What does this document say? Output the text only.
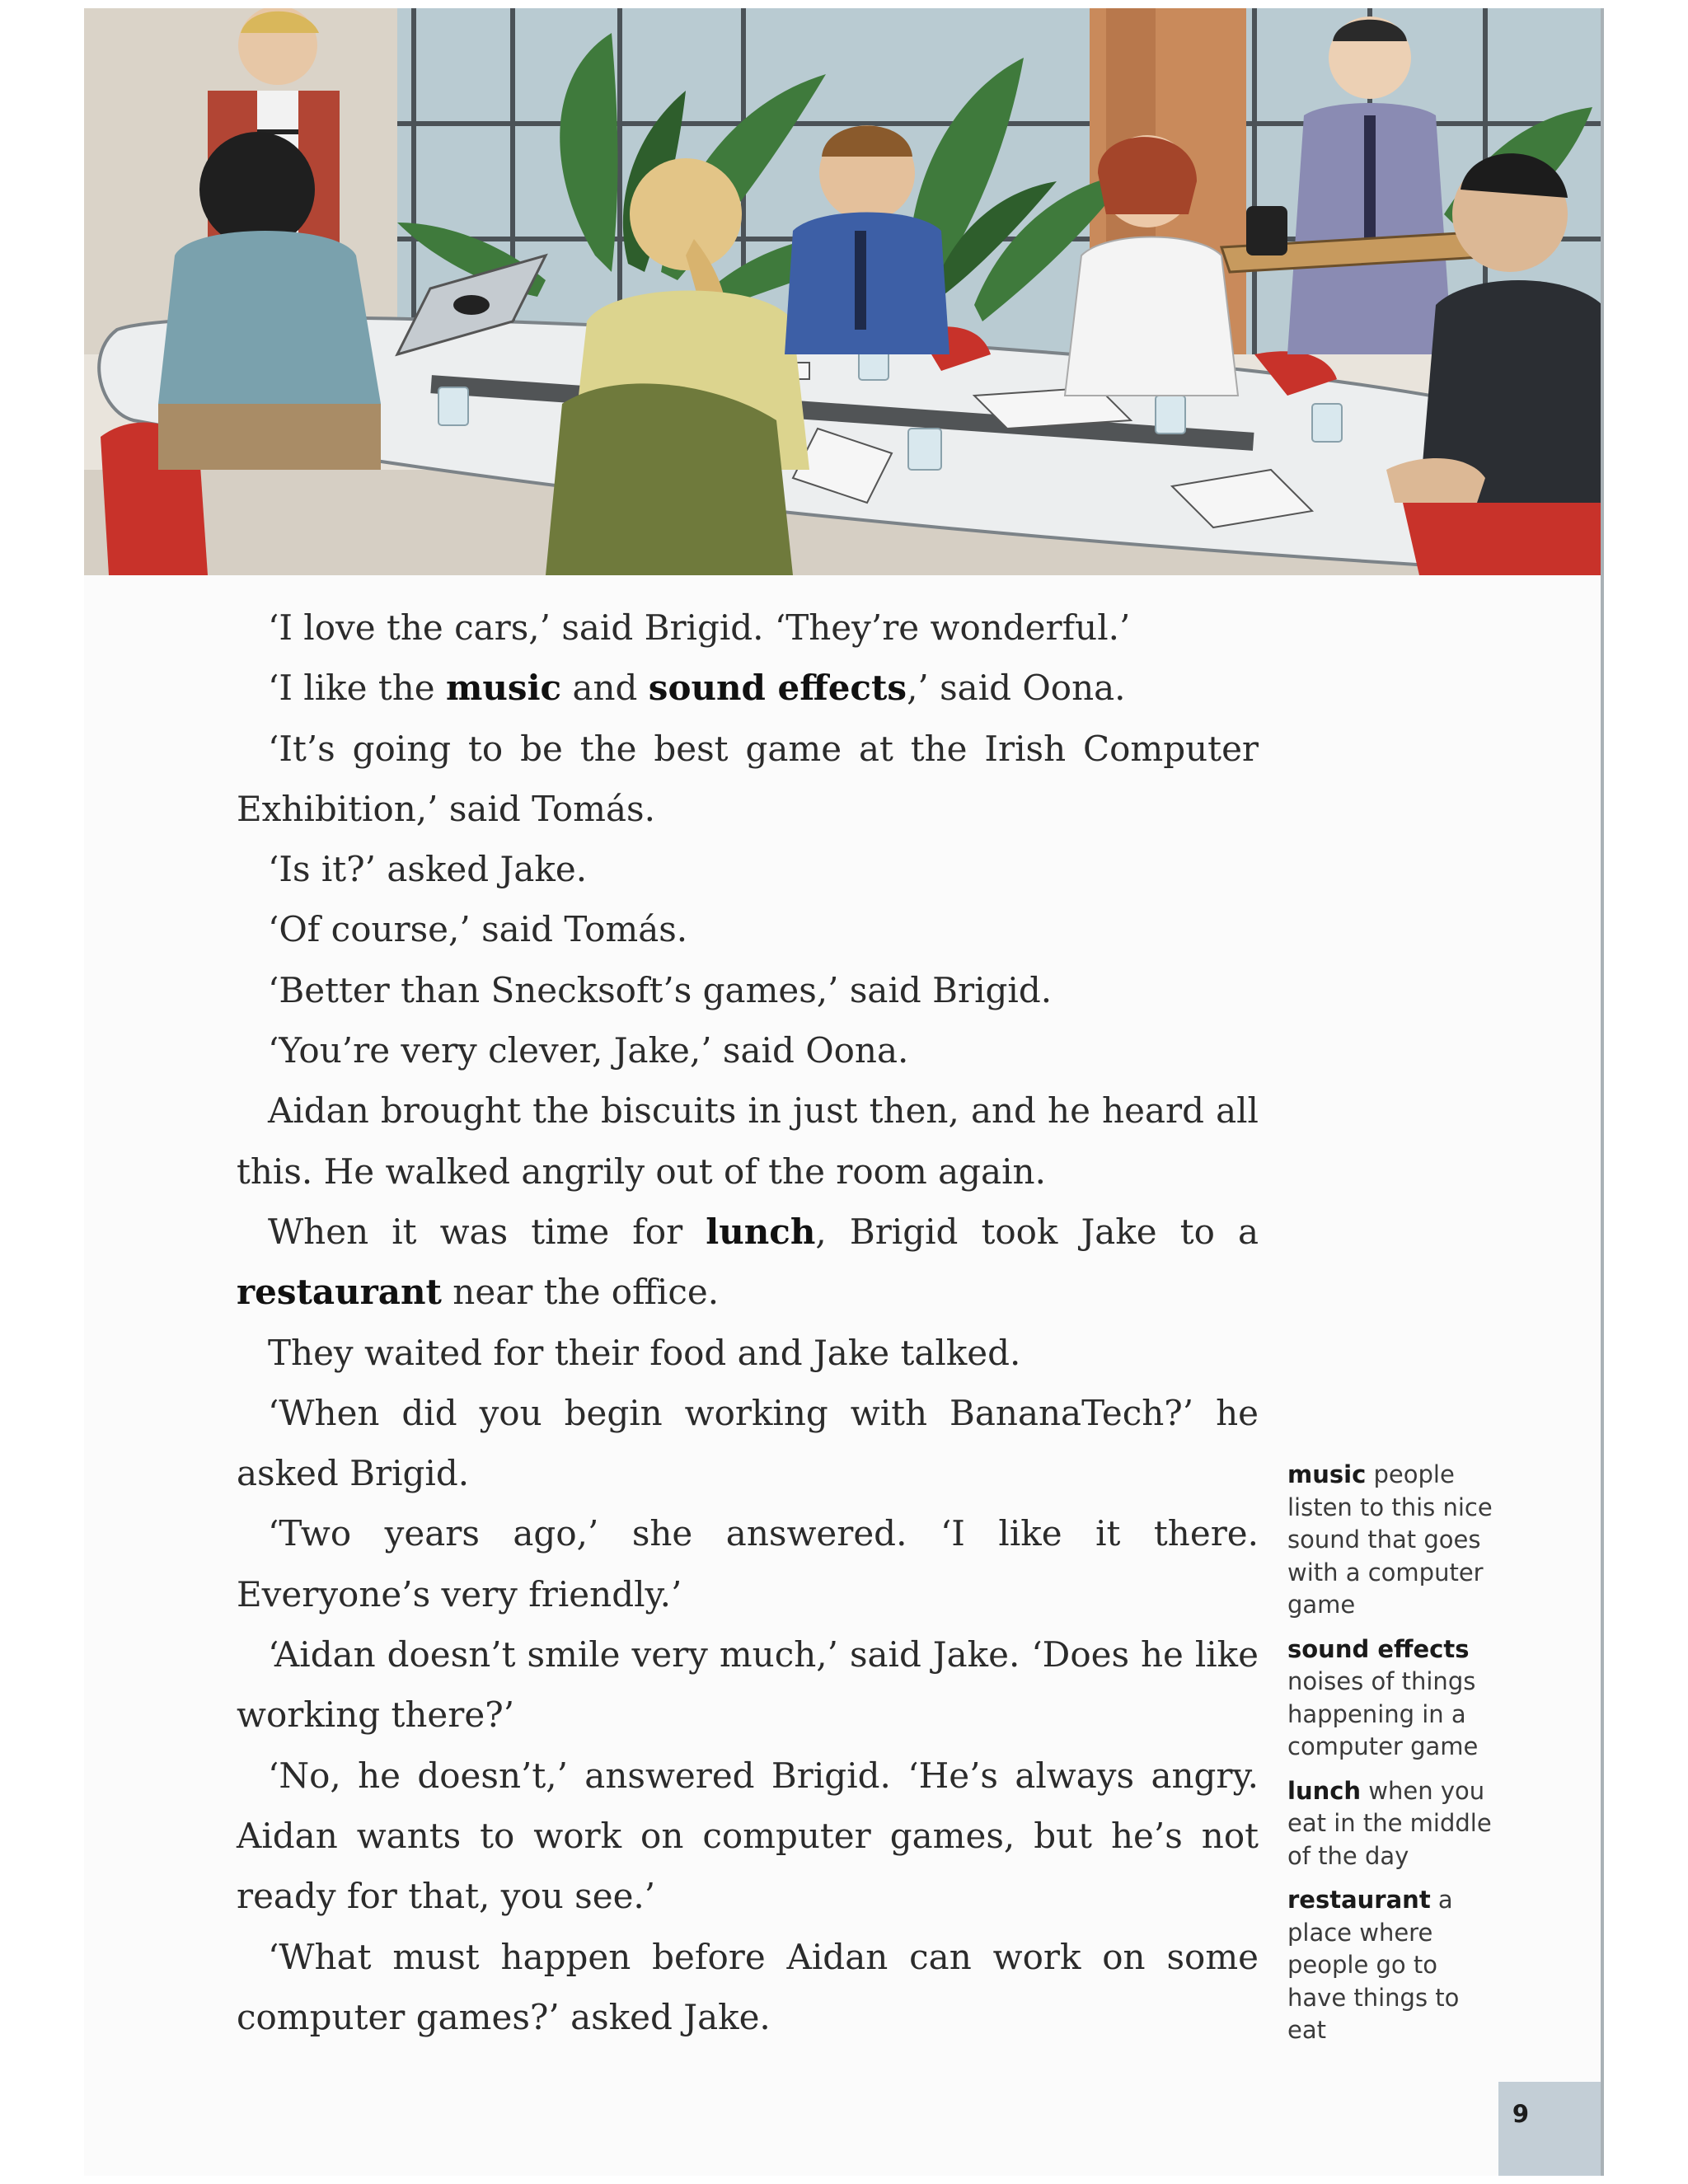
‘I love the cars,’ said Brigid. ‘They’re wonderful.’

‘I like the music and sound effects,’ said Oona.

‘It’s going to be the best game at the Irish Computer Exhibition,’ said Tomás.

‘Is it?’ asked Jake.

‘Of course,’ said Tomás.

‘Better than Snecksoft’s games,’ said Brigid.

‘You’re very clever, Jake,’ said Oona.

Aidan brought the biscuits in just then, and he heard all this. He walked angrily out of the room again.

When it was time for lunch, Brigid took Jake to a restaurant near the office.

They waited for their food and Jake talked.

‘When did you begin working with BananaTech?’ he asked Brigid.

‘Two years ago,’ she answered. ‘I like it there. Everyone’s very friendly.’

‘Aidan doesn’t smile very much,’ said Jake. ‘Does he like working there?’

‘No, he doesn’t,’ answered Brigid. ‘He’s always angry. Aidan wants to work on computer games, but he’s not ready for that, you see.’

‘What must happen before Aidan can work on some computer games?’ asked Jake.

music people listen to this nice sound that goes with a computer game
sound effects noises of things happening in a computer game
lunch when you eat in the middle of the day
restaurant a place where people go to have things to eat
9
